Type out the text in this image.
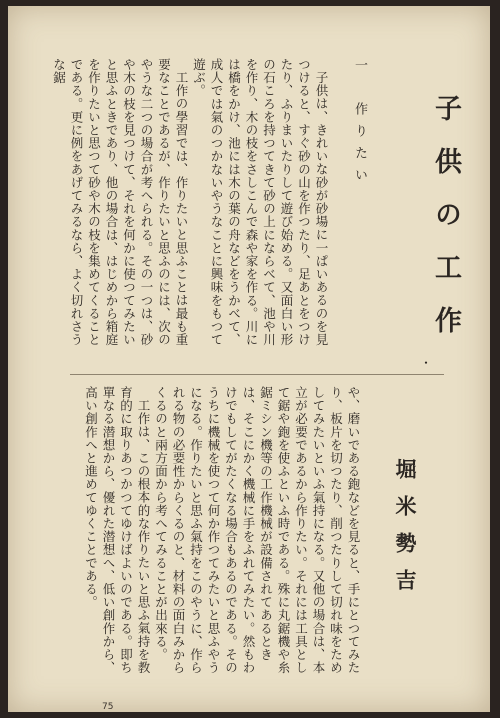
子供の工作
・
堀米勢吉
一　作りたい
子供は、きれいな砂が砂場に一ぱいあるのを見つけると、すぐ砂の山を作つたり、足あとをつけたり、ふりまいたりして遊び始める。又面白い形の石ころを持つてきて砂の上にならべて、池や川を作り、木の枝をさしこんで森や家を作る。川には橋をかけ、池には木の葉の舟などをうかべて、成人では氣のつかないやうなことに興味をもつて遊ぶ。
工作の學習では、作りたいと思ふことは最も重要なことであるが、作りたいと思ふのには、次のやうな二つの場合が考へられる。その一つは、砂や木の枝を見つけて、それを何かに使つてみたいと思ふときであり、他の場合は、はじめから箱庭を作りたいと思つて砂や木の枝を集めてくることである。更に例をあげてみるなら、よく切れさうな鋸
や、磨いである鉋などを見ると、手にとつてみたり、板片を切つたり、削つたりして切れ味をためしてみたいといふ氣持になる。又他の場合は、本立が必要であるから作りたい。それには工具として鋸や鉋を使ふといふ時である。殊に丸鋸機や糸鋸ミシン機等の工作機械が設備されてあるときは、そこにかく機械に手をふれてみたい。然もわけでもしてがたくなる場合もあるのである。そのうちに機械を使つて何か作つてみたいと思ふやうになる。作りたいと思ふ氣持をこのやうに、作られる物の必要性からくるのと、材料の面白みからくるのと兩方面から考へてみることが出來る。
工作は、この根本的な作りたいと思ふ氣持を教育的に取りあつかつてゆけばよいのである。即ち單なる潜想から、優れた潜想へ、低い創作から、高い創作へと進めてゆくことである。
75
